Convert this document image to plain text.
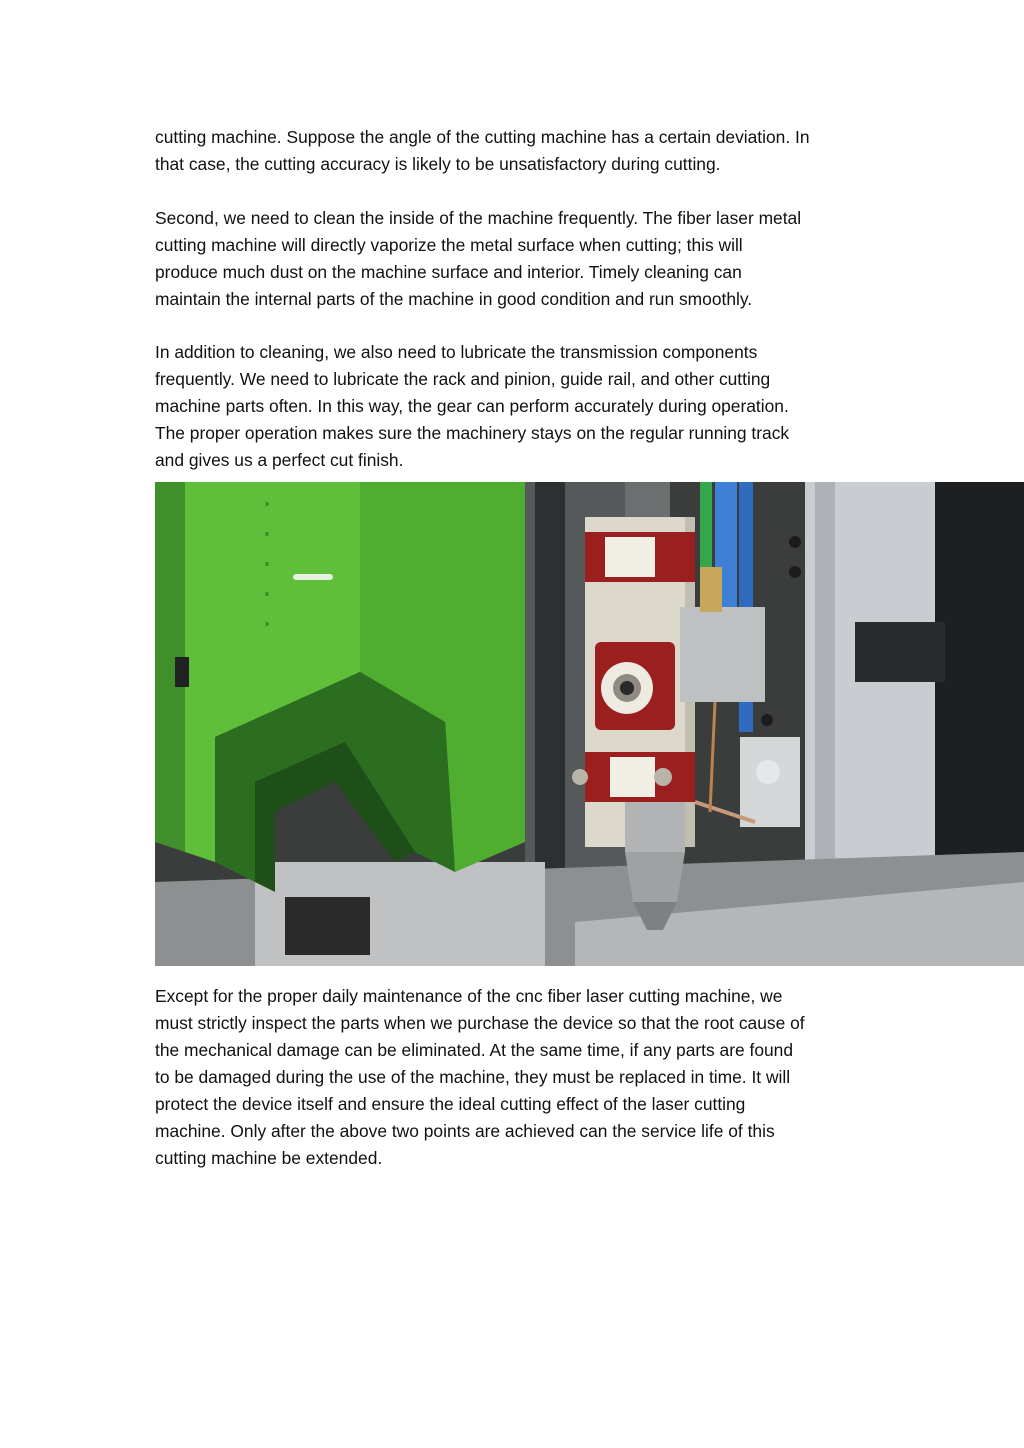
cutting machine. Suppose the angle of the cutting machine has a certain deviation. In
that case, the cutting accuracy is likely to be unsatisfactory during cutting.

Second, we need to clean the inside of the machine frequently. The fiber laser metal
cutting machine will directly vaporize the metal surface when cutting; this will
produce much dust on the machine surface and interior. Timely cleaning can
maintain the internal parts of the machine in good condition and run smoothly.

In addition to cleaning, we also need to lubricate the transmission components
frequently. We need to lubricate the rack and pinion, guide rail, and other cutting
machine parts often. In this way, the gear can perform accurately during operation.
The proper operation makes sure the machinery stays on the regular running track
and gives us a perfect cut finish.

Except for the proper daily maintenance of the cnc fiber laser cutting machine, we
must strictly inspect the parts when we purchase the device so that the root cause of
the mechanical damage can be eliminated. At the same time, if any parts are found
to be damaged during the use of the machine, they must be replaced in time. It will
protect the device itself and ensure the ideal cutting effect of the laser cutting
machine. Only after the above two points are achieved can the service life of this
cutting machine be extended.
